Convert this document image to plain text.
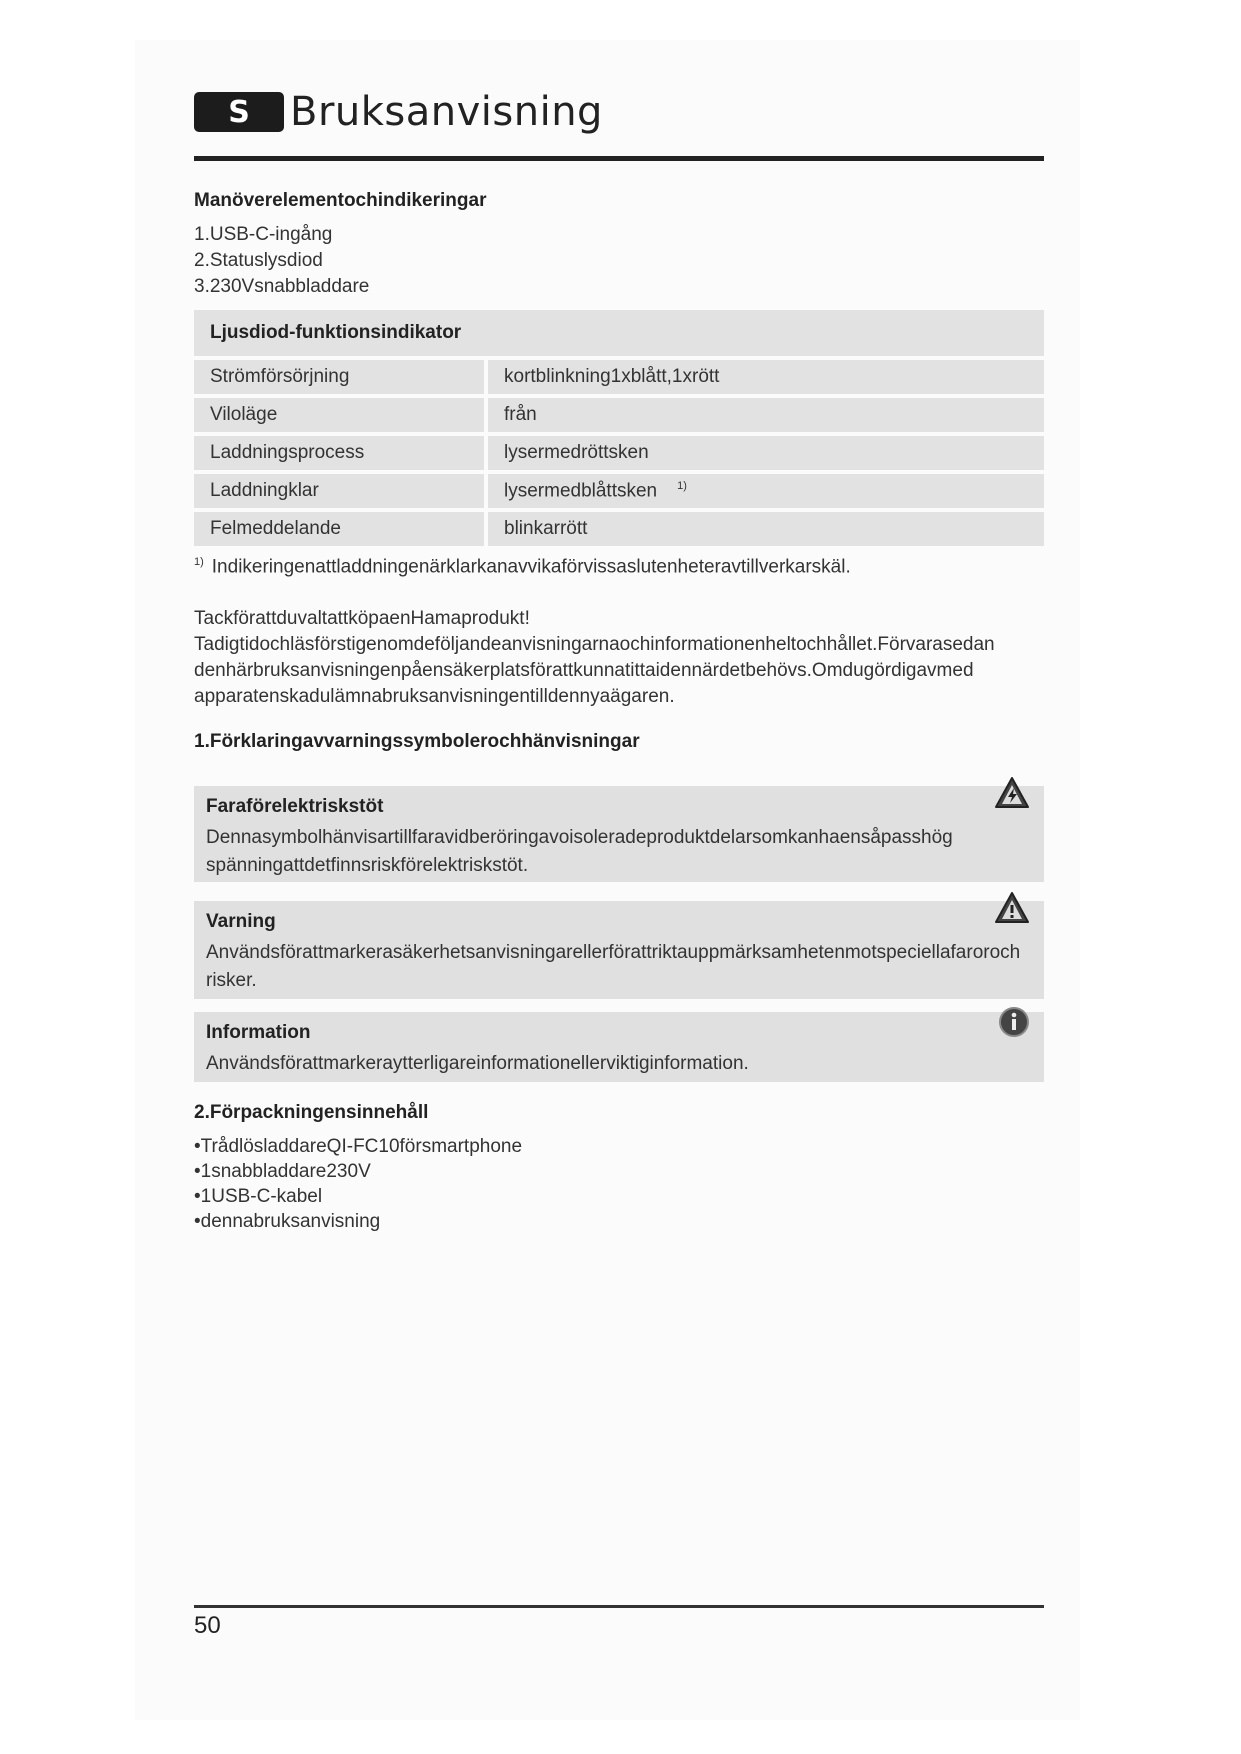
S	Bruksanvisning
Manöverelementochindikeringar
1.USB-C-ingång
2.Statuslysdiod
3.230Vsnabbladdare
Ljusdiod-funktionsindikator	
Strömförsörjning	kortblinkning1xblått,1xrött
Viloläge	från
Laddningsprocess	lysermedröttsken
Laddningklar	lysermedblåttsken $^{1)}$
Felmeddelande	blinkarrött
$^{1)}$ Indikeringenattladdningenärklarkanavvikaförvissaslutenheteravtillverkarskäl.
TackförattduvaltattköpaenHamaprodukt!
Tadigtidochläsförstigenomdeföljandeanvisningarnaochinformationenheltochhållet.Förvarasedan
denhärbruksanvisningenpåensäkerplatsförattkunnatittaidennärdetbehövs.Omdugördigavmed
apparatenskadulämnabruksanvisningentilldennyaägaren.
1.Förklaringavvarningssymbolerochhänvisningar
Faraförelektriskstöt
Dennasymbolhänvisartillfaravidberöringavoisoleradeproduktdelarsomkanhaensåpasshög
spänningattdetfinnsriskförelektriskstöt.
Varning
Användsförattmarkerasäkerhetsanvisningarellerförattriktauppmärksamhetenmotspeciellafaroroch
risker.
Information
Användsförattmarkeraytterligareinformationellerviktiginformation.
2.Förpackningensinnehåll
•TrådlösladdareQI-FC10försmartphone
•1snabbladdare230V
•1USB-C-kabel
•dennabruksanvisning
50
